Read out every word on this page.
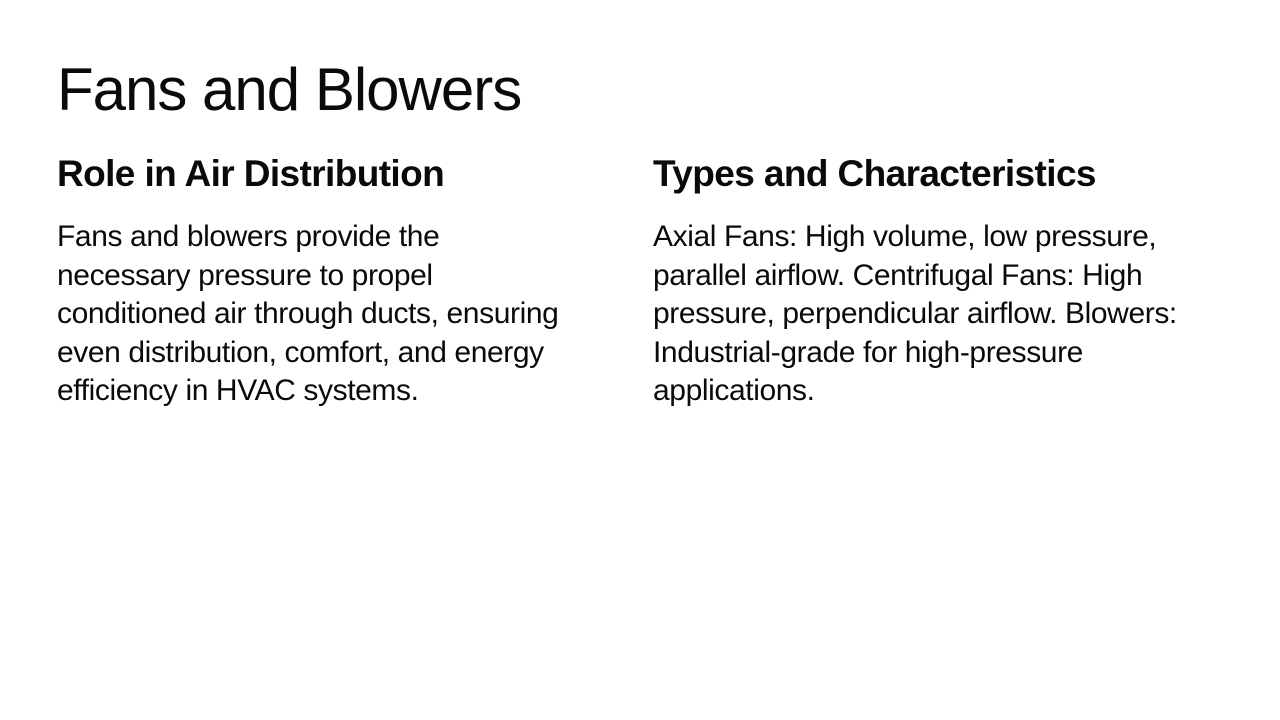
Fans and Blowers
Role in Air Distribution

Fans and blowers provide the necessary pressure to propel conditioned air through ducts, ensuring even distribution, comfort, and energy efficiency in HVAC systems.

Types and Characteristics

Axial Fans: High volume, low pressure, parallel airflow. Centrifugal Fans: High pressure, perpendicular airflow. Blowers: Industrial-grade for high-pressure applications.
